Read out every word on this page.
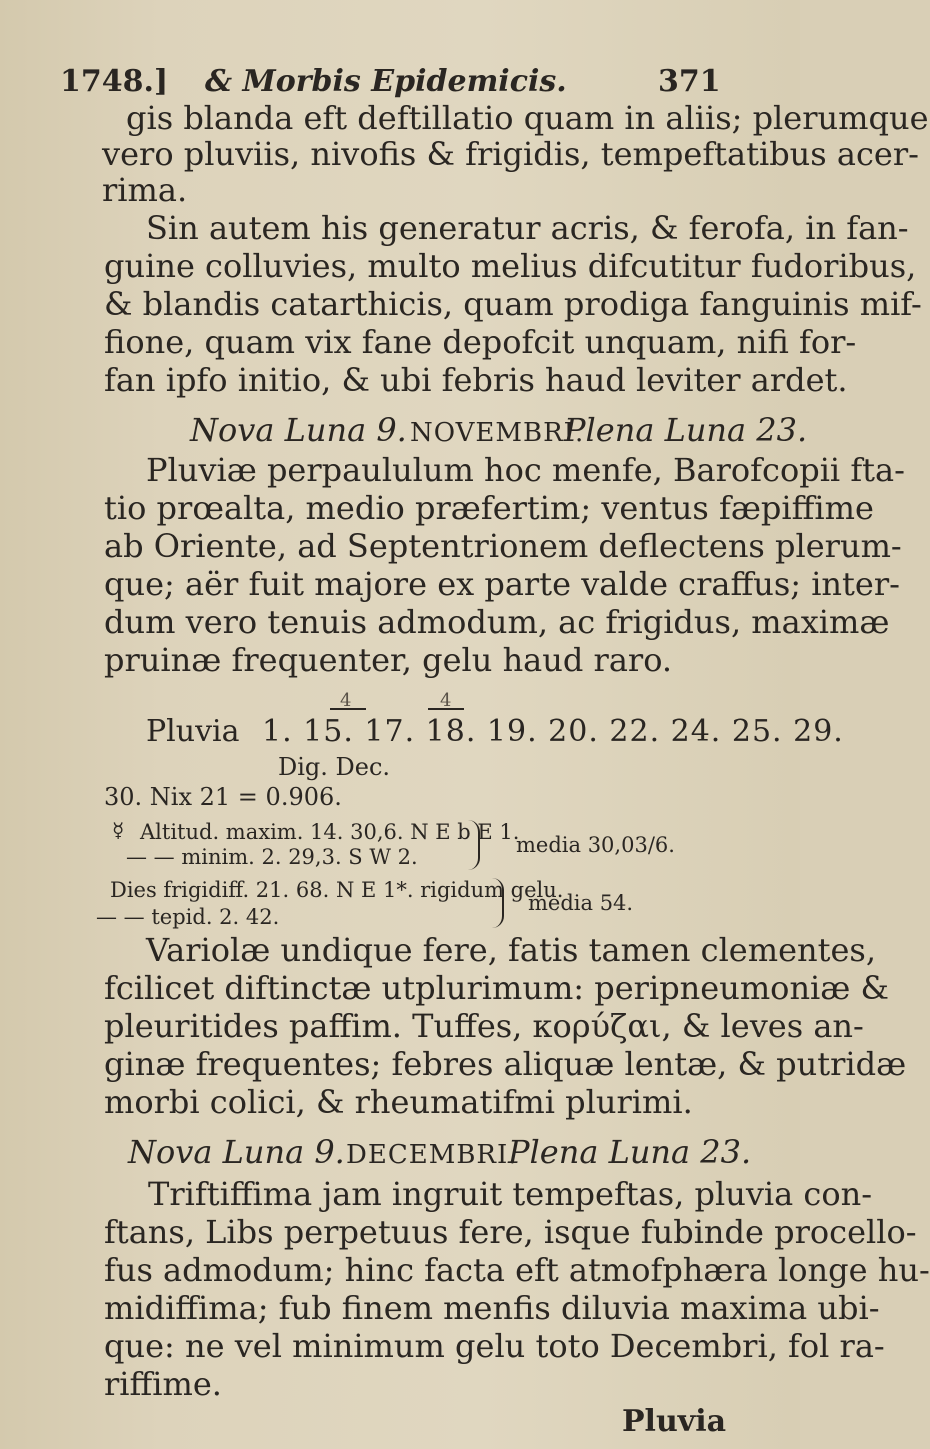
1748.] & Morbis Epidemicis.	371
gis blanda eft deftillatio quam in aliis; plerumque
vero pluviis, nivofis & frigidis, tempeftatibus acer-
rima.
Sin autem his generatur acris, & ferofa, in fan-
guine colluvies, multo melius difcutitur fudoribus,
& blandis catarthicis, quam prodiga fanguinis mif-
fione, quam vix fane depofcit unquam, nifi for-
fan ipfo initio, & ubi febris haud leviter ardet.
Nova Luna 9. NOVEMBRI.
Plena Luna 23.
Pluviæ perpaululum hoc menfe, Barofcopii fta-
tio prœalta, medio præfertim; ventus fæpiffime
ab Oriente, ad Septentrionem deflectens plerum-
que; aër fuit majore ex parte valde craffus; inter-
dum vero tenuis admodum, ac frigidus, maximæ
pruinæ frequenter, gelu haud raro.
4	4
Pluvia 1. 15. 17. 18. 19. 20. 22. 24. 25. 29.
Dig. Dec.
30. Nix 21 = 0.906.
☿ Altitud. maxim. 14. 30,6. N E b E 1.
— — minim. 2. 29,3. S W 2.	media 30,03/6.
Dies frigidiff. 21. 68. N E 1*. rigidum gelu.
— — tepid. 2. 42.
media 54.
Variolæ undique fere, fatis tamen clementes,
fcilicet diftinctæ utplurimum: peripneumoniæ &
pleuritides paffim. Tuffes, κορύζαι, & leves an-
ginæ frequentes; febres aliquæ lentæ, & putridæ
morbi colici, & rheumatifmi plurimi.
Nova Luna 9. DECEMBRI.
Plena Luna 23.
Triftiffima jam ingruit tempeftas, pluvia con-
ftans, Libs perpetuus fere, isque fubinde procello-
fus admodum; hinc facta eft atmofphæra longe hu-
midiffima; fub finem menfis diluvia maxima ubi-
que: ne vel minimum gelu toto Decembri, fol ra-
riffime.
Pluvia
